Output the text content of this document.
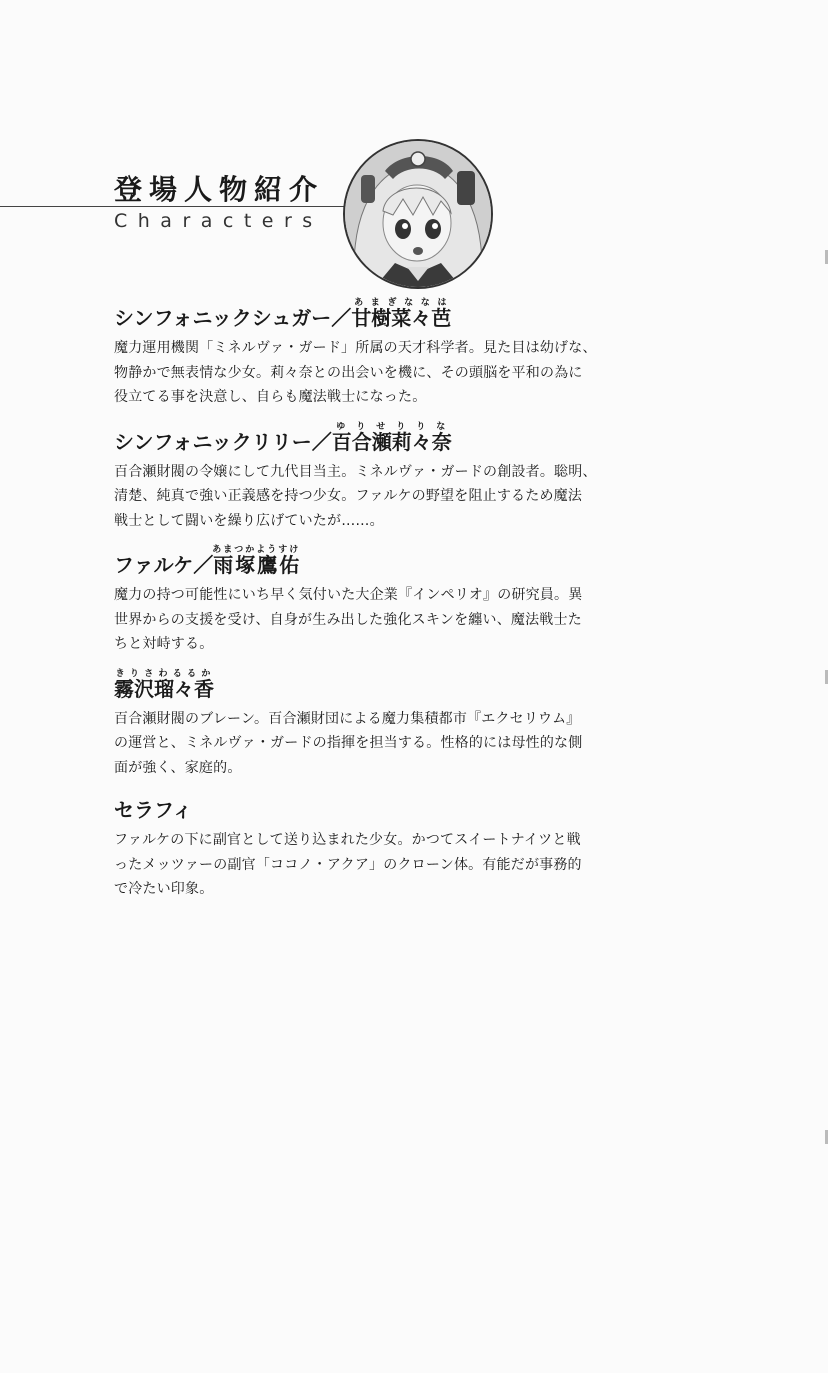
登場人物紹介
Characters
シンフォニックシュガー／甘樹菜々芭あまぎななは
魔力運用機関「ミネルヴァ・ガード」所属の天才科学者。見た目は幼げな、
物静かで無表情な少女。莉々奈との出会いを機に、その頭脳を平和の為に
役立てる事を決意し、自らも魔法戦士になった。
シンフォニックリリー／百合瀬莉々奈ゆりせりりな
百合瀬財閥の令嬢にして九代目当主。ミネルヴァ・ガードの創設者。聡明、
清楚、純真で強い正義感を持つ少女。ファルケの野望を阻止するため魔法
戦士として闘いを繰り広げていたが……。
ファルケ／雨塚鷹佑あまつかようすけ
魔力の持つ可能性にいち早く気付いた大企業『インペリオ』の研究員。異
世界からの支援を受け、自身が生み出した強化スキンを纏い、魔法戦士た
ちと対峙する。
霧沢瑠々香きりさわるるか
百合瀬財閥のブレーン。百合瀬財団による魔力集積都市『エクセリウム』
の運営と、ミネルヴァ・ガードの指揮を担当する。性格的には母性的な側
面が強く、家庭的。
セラフィ
ファルケの下に副官として送り込まれた少女。かつてスイートナイツと戦
ったメッツァーの副官「ココノ・アクア」のクローン体。有能だが事務的
で冷たい印象。
